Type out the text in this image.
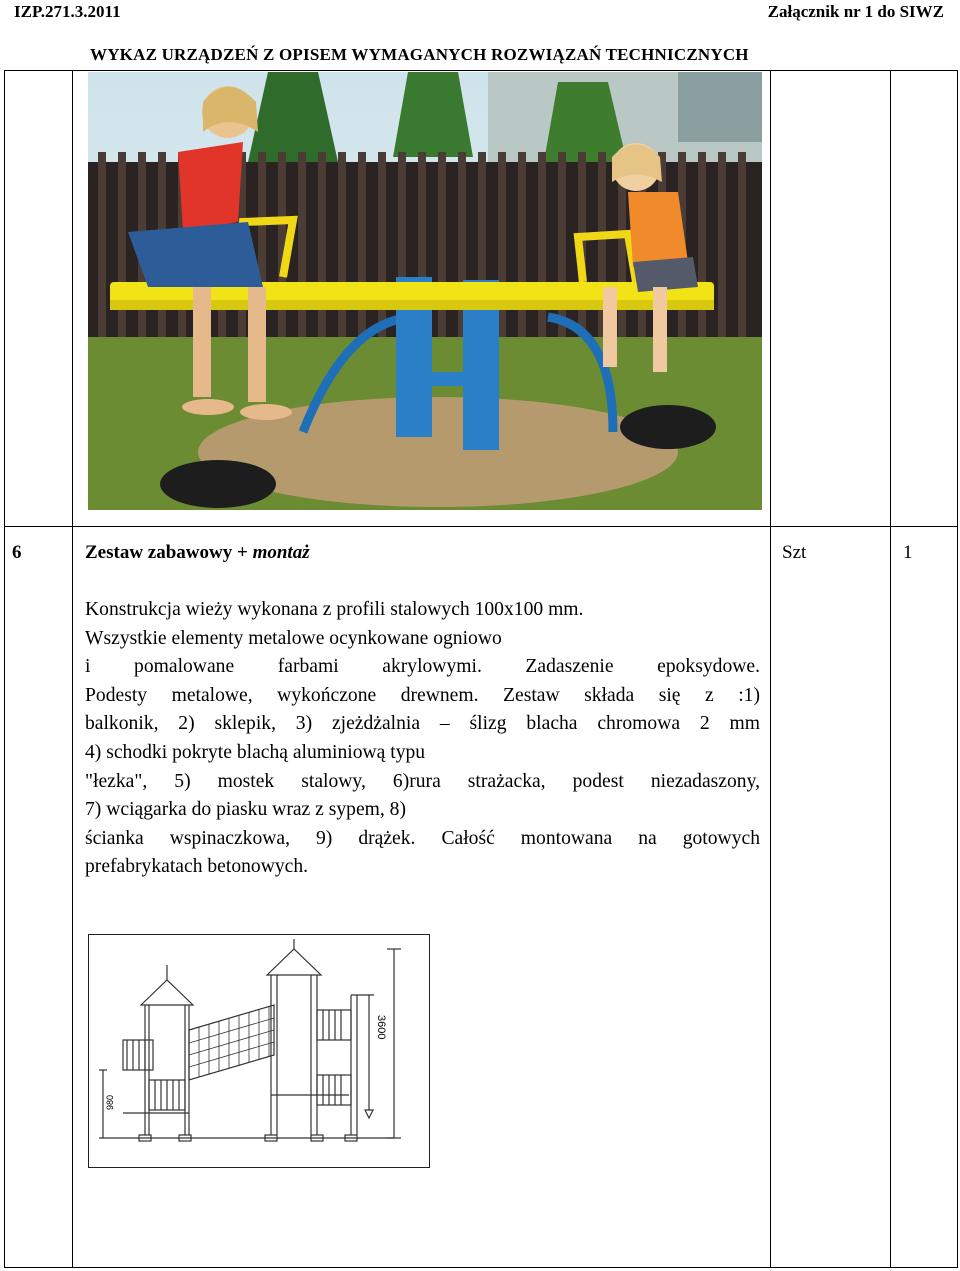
IZP.271.3.2011	Załącznik nr 1 do SIWZ
WYKAZ URZĄDZEŃ Z OPISEM WYMAGANYCH ROZWIĄZAŃ TECHNICZNYCH
6	Zestaw zabawowy + montaż	Szt	1

Konstrukcja wieży wykonana z profili stalowych 100x100 mm.

Wszystkie elementy metalowe ocynkowane ogniowo

i pomalowane farbami akrylowymi. Zadaszenie epoksydowe.

Podesty metalowe, wykończone drewnem. Zestaw składa się z :1)

balkonik, 2) sklepik, 3) zjeżdżalnia – ślizg blacha chromowa 2 mm

4) schodki pokryte blachą aluminiową typu

"łezka", 5) mostek stalowy, 6)rura strażacka, podest niezadaszony,

7) wciągarka do piasku wraz z sypem, 8)

ścianka wspinaczkowa, 9) drążek. Całość montowana na gotowych

prefabrykatach betonowych.

3600
980
